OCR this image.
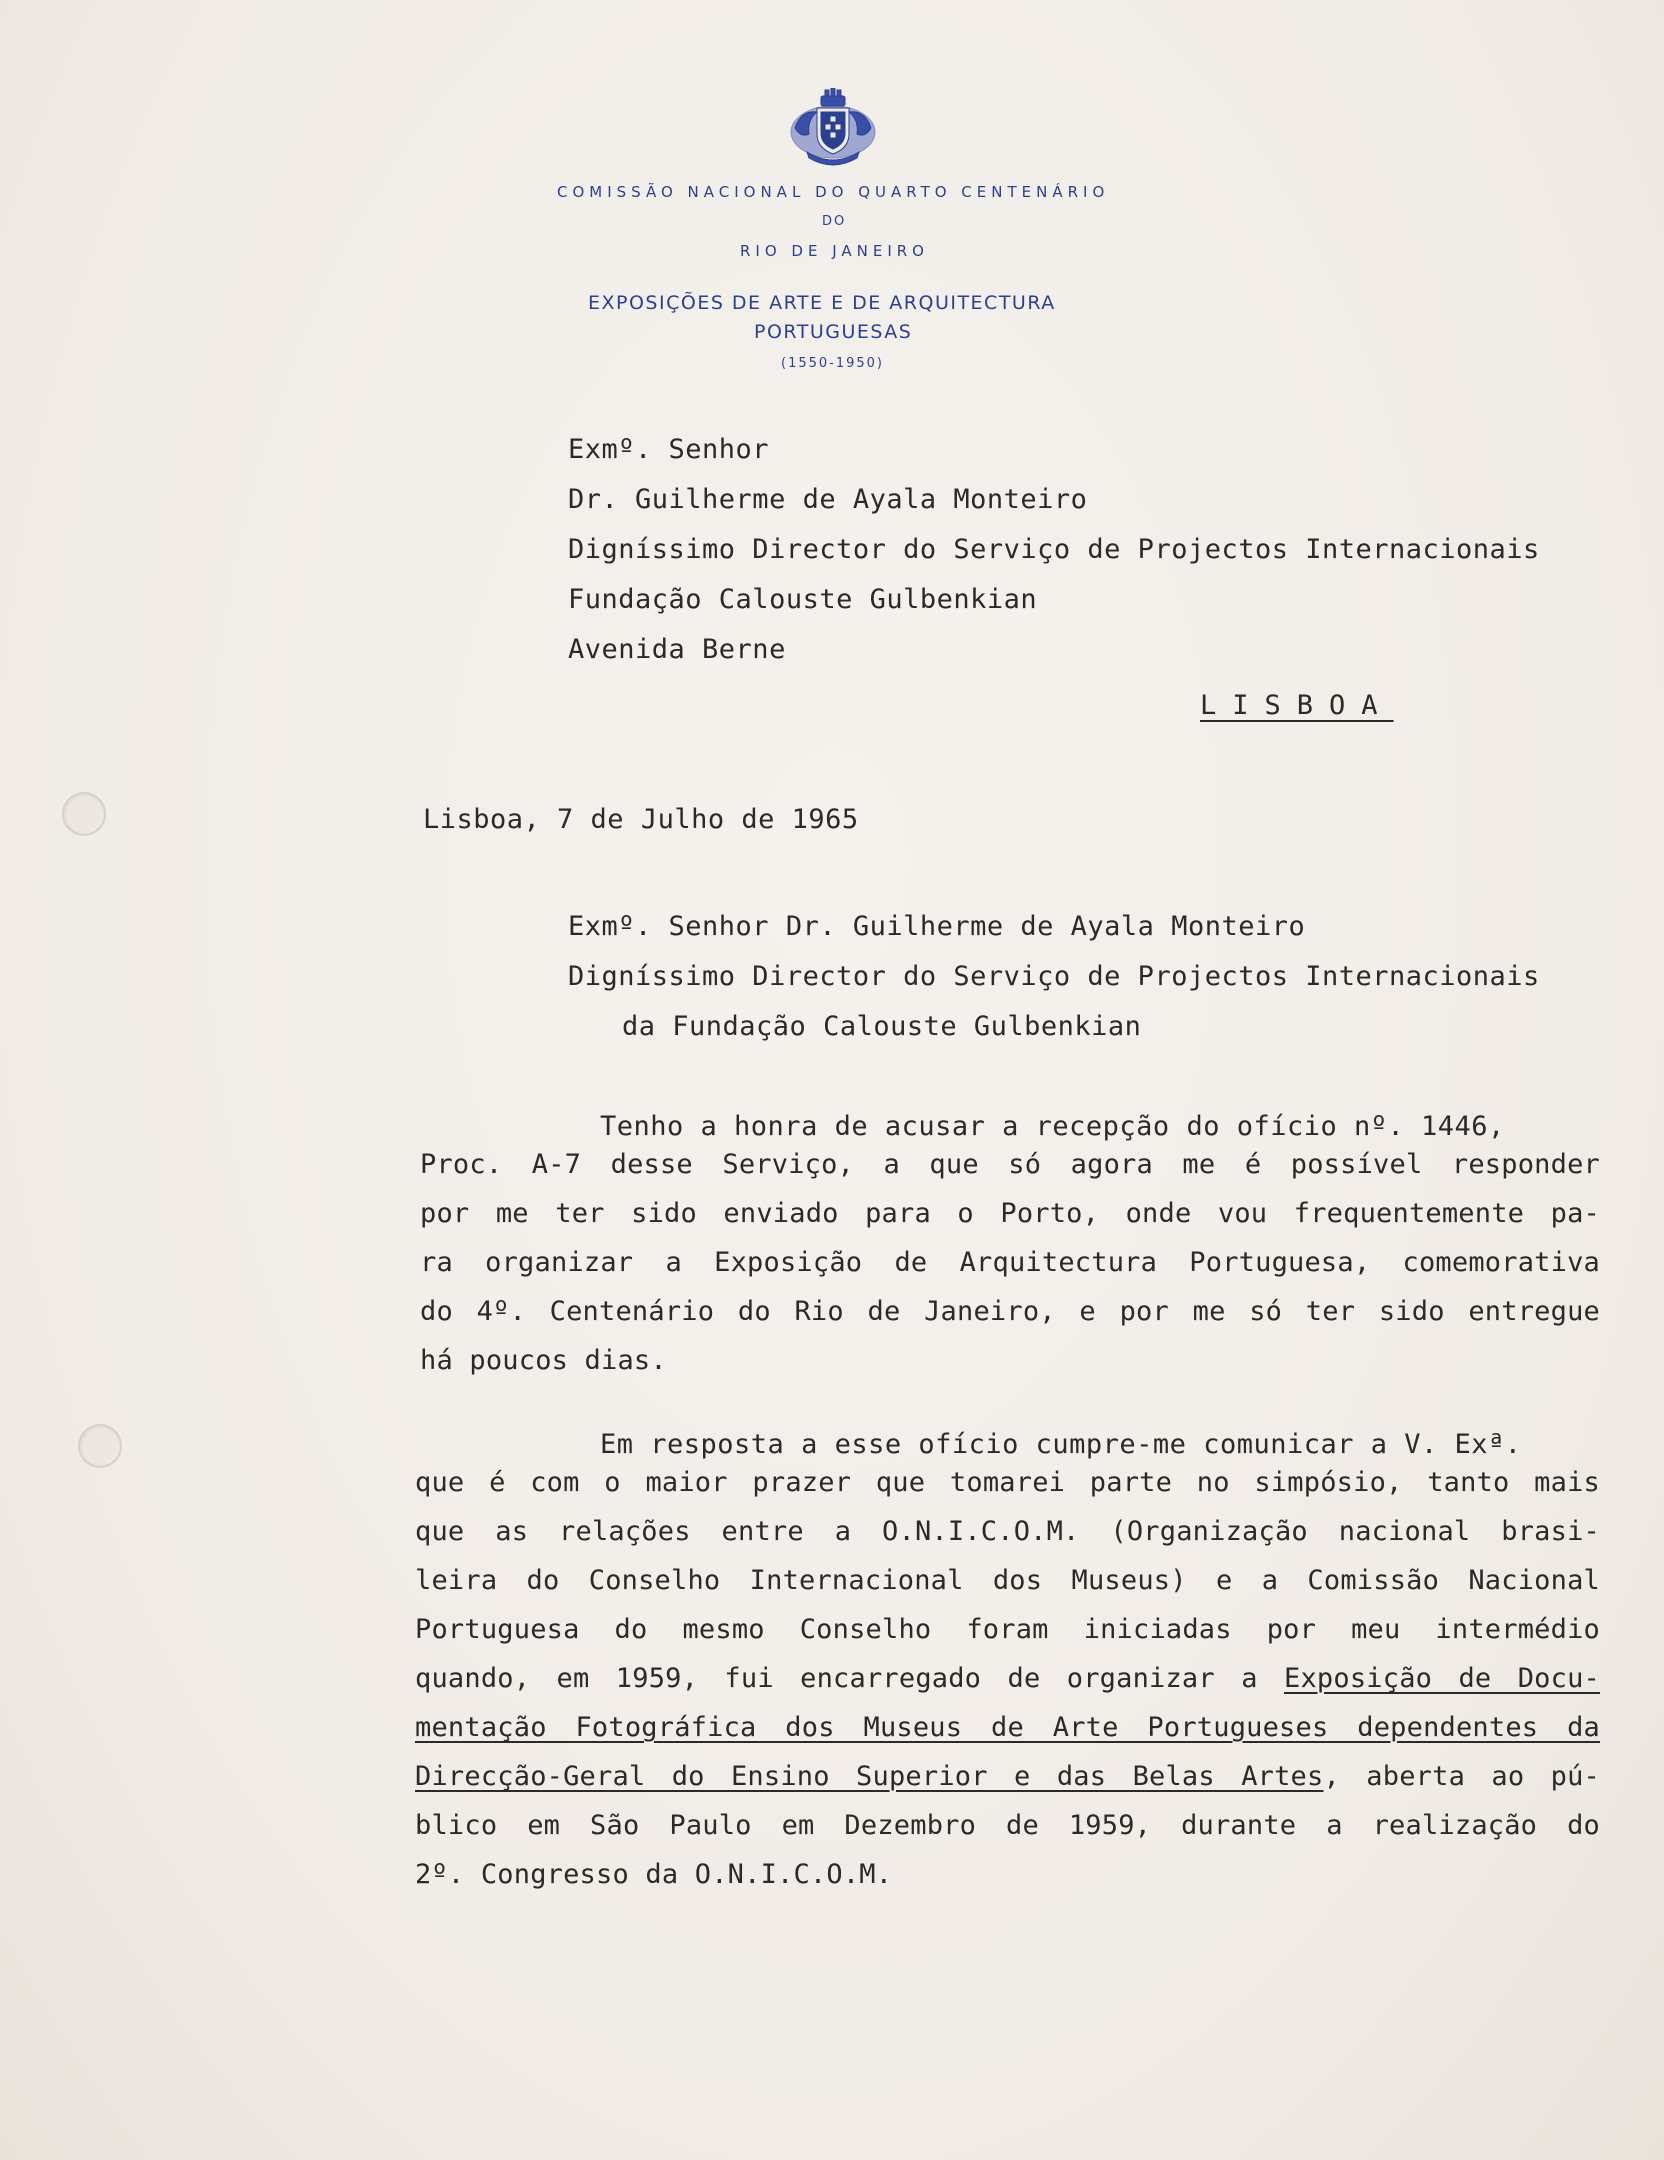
COMISSÃO NACIONAL DO QUARTO CENTENÁRIO
DO
RIO DE JANEIRO
EXPOSIÇÕES DE ARTE E DE ARQUITECTURA
PORTUGUESAS
(1550-1950)
Exmº. Senhor
Dr. Guilherme de Ayala Monteiro
Digníssimo Director do Serviço de Projectos Internacionais
Fundação Calouste Gulbenkian
Avenida Berne
LISBOA
Lisboa, 7 de Julho de 1965
Exmº. Senhor Dr. Guilherme de Ayala Monteiro
Digníssimo Director do Serviço de Projectos Internacionais
da Fundação Calouste Gulbenkian
Tenho a honra de acusar a recepção do ofício nº. 1446,
Proc. A-7 desse Serviço, a que só agora me é possível responder
por me ter sido enviado para o Porto, onde vou frequentemente pa-
ra organizar a Exposição de Arquitectura Portuguesa, comemorativa
do 4º. Centenário do Rio de Janeiro, e por me só ter sido entregue
há poucos dias.
Em resposta a esse ofício cumpre-me comunicar a V. Exª.
que é com o maior prazer que tomarei parte no simpósio, tanto mais
que as relações entre a O.N.I.C.O.M. (Organização nacional brasi-
leira do Conselho Internacional dos Museus) e a Comissão Nacional
Portuguesa do mesmo Conselho foram iniciadas por meu intermédio
quando, em 1959, fui encarregado de organizar a Exposição de Docu-
mentação Fotográfica dos Museus de Arte Portugueses dependentes da
Direcção-Geral do Ensino Superior e das Belas Artes, aberta ao pú-
blico em São Paulo em Dezembro de 1959, durante a realização do
2º. Congresso da O.N.I.C.O.M.
